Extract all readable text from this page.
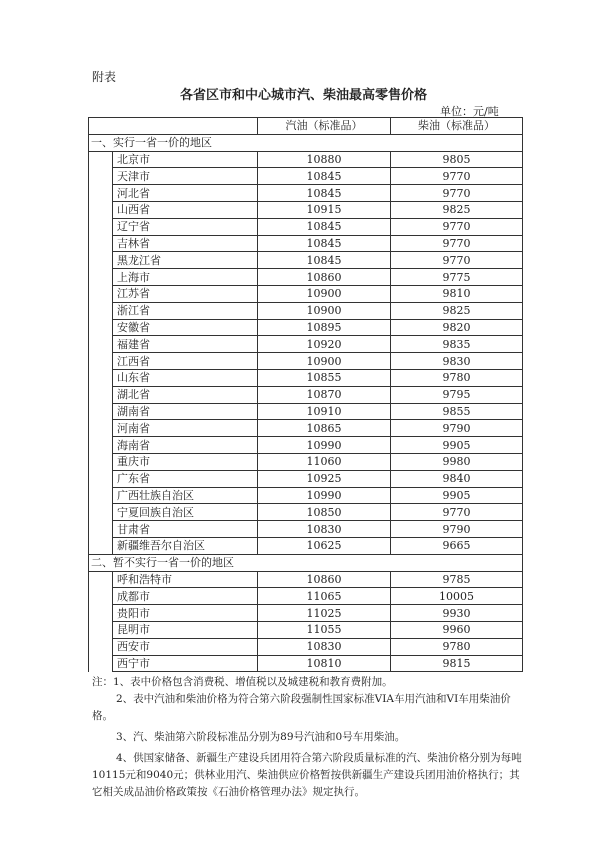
附表
各省区市和中心城市汽、柴油最高零售价格
单位：元/吨
		汽油（标准品）	柴油（标准品）
一、实行一省一价的地区			
	北京市	10880	9805
	天津市	10845	9770
	河北省	10845	9770
	山西省	10915	9825
	辽宁省	10845	9770
	吉林省	10845	9770
	黑龙江省	10845	9770
	上海市	10860	9775
	江苏省	10900	9810
	浙江省	10900	9825
	安徽省	10895	9820
	福建省	10920	9835
	江西省	10900	9830
	山东省	10855	9780
	湖北省	10870	9795
	湖南省	10910	9855
	河南省	10865	9790
	海南省	10990	9905
	重庆市	11060	9980
	广东省	10925	9840
	广西壮族自治区	10990	9905
	宁夏回族自治区	10850	9770
	甘肃省	10830	9790
	新疆维吾尔自治区	10625	9665
二、暂不实行一省一价的地区			
	呼和浩特市	10860	9785
	成都市	11065	10005
	贵阳市	11025	9930
	昆明市	11055	9960
	西安市	10830	9780
	西宁市	10810	9815

注：1、表中价格包含消费税、增值税以及城建税和教育费附加。

2、表中汽油和柴油价格为符合第六阶段强制性国家标准VIA车用汽油和VI车用柴油价格。

3、汽、柴油第六阶段标准品分别为89号汽油和0号车用柴油。

4、供国家储备、新疆生产建设兵团用符合第六阶段质量标准的汽、柴油价格分别为每吨10115元和9040元；供林业用汽、柴油供应价格暂按供新疆生产建设兵团用油价格执行；其它相关成品油价格政策按《石油价格管理办法》规定执行。
